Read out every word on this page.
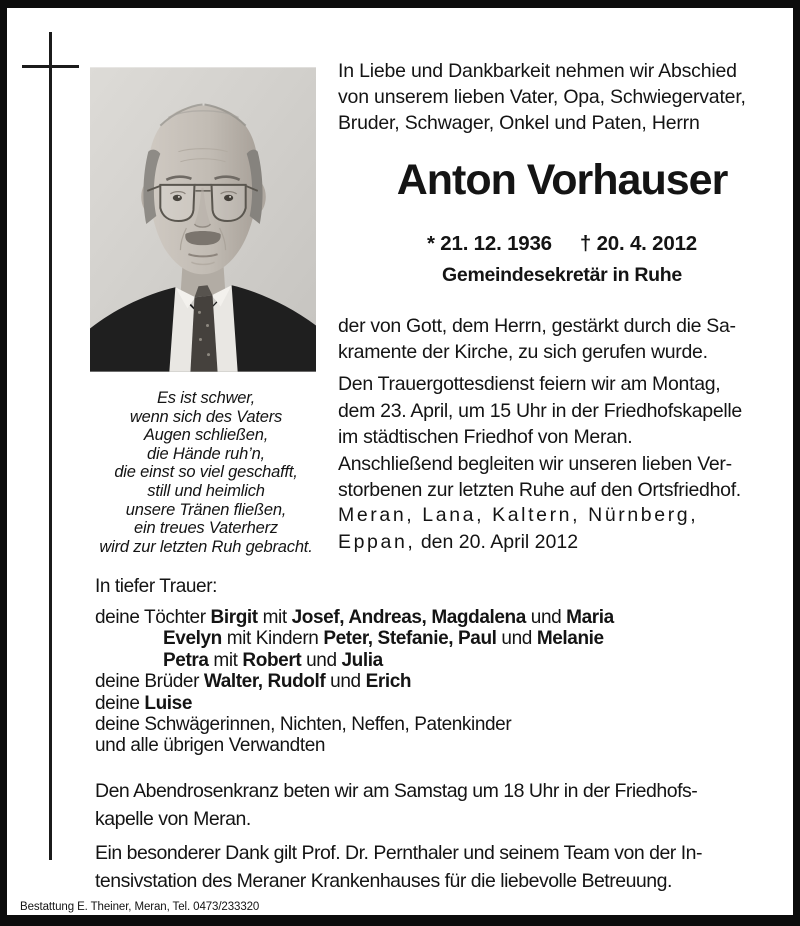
Es ist schwer,
wenn sich des Vaters
Augen schließen,
die Hände ruh’n,
die einst so viel geschafft,
still und heimlich
unsere Tränen fließen,
ein treues Vaterherz
wird zur letzten Ruh gebracht.
In Liebe und Dankbarkeit nehmen wir Abschied
von unserem lieben Vater, Opa, Schwiegervater,
Bruder, Schwager, Onkel und Paten, Herrn
Anton Vorhauser
* 21. 12. 1936 † 20. 4. 2012
Gemeindesekretär in Ruhe
der von Gott, dem Herrn, gestärkt durch die Sa-
kramente der Kirche, zu sich gerufen wurde.
Den Trauergottesdienst feiern wir am Montag,
dem 23. April, um 15 Uhr in der Friedhofskapelle
im städtischen Friedhof von Meran.
Anschließend begleiten wir unseren lieben Ver-
storbenen zur letzten Ruhe auf den Ortsfriedhof.
Meran, Lana, Kaltern, Nürnberg,
Eppan, den 20. April 2012
In tiefer Trauer:
deine Töchter Birgit mit Josef, Andreas, Magdalena und Maria
Evelyn mit Kindern Peter, Stefanie, Paul und Melanie
Petra mit Robert und Julia
deine Brüder Walter, Rudolf und Erich
deine Luise
deine Schwägerinnen, Nichten, Neffen, Patenkinder
und alle übrigen Verwandten
Den Abendrosenkranz beten wir am Samstag um 18 Uhr in der Friedhofs-
kapelle von Meran.
Ein besonderer Dank gilt Prof. Dr. Pernthaler und seinem Team von der In-
tensivstation des Meraner Krankenhauses für die liebevolle Betreuung.
Bestattung E. Theiner, Meran, Tel. 0473/233320
